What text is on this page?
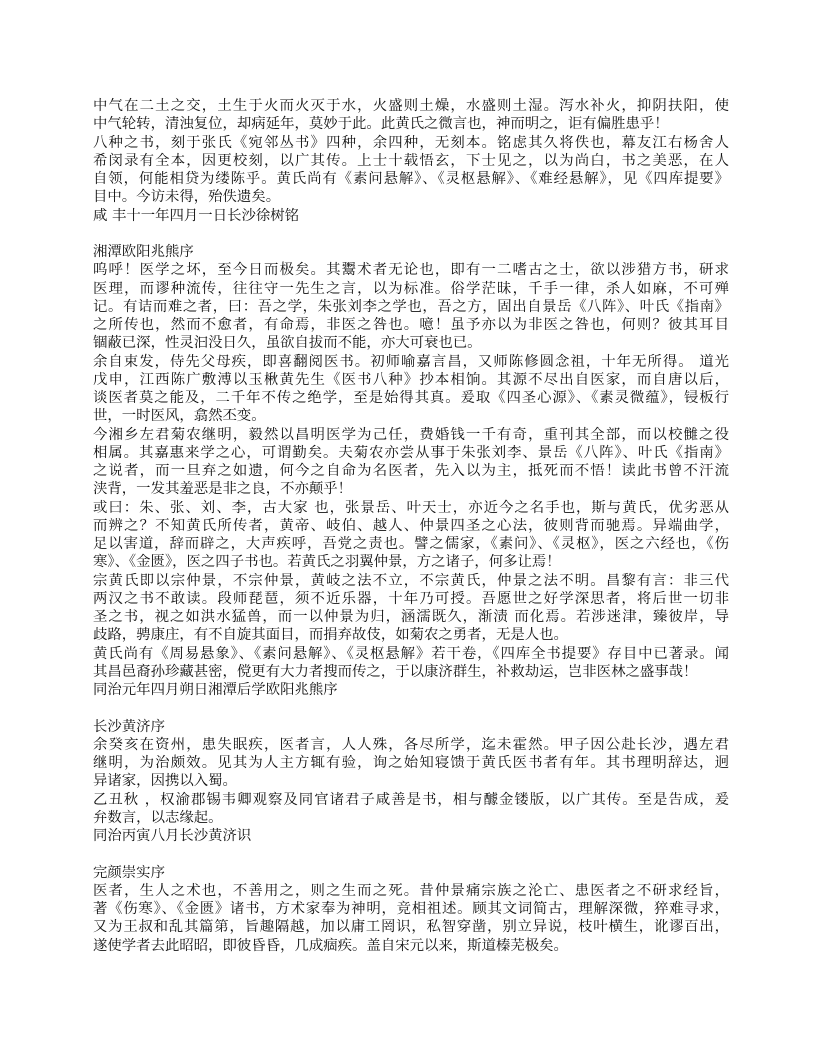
中气在二土之交，土生于火而火灭于水，火盛则土燥，水盛则土湿。泻水补火，抑阴扶阳，使
中气轮转，清浊复位，却病延年，莫妙于此。此黄氏之微言也，神而明之，讵有偏胜患乎！
八种之书，刻于张氏《宛邻丛书》四种，余四种，无刻本。铭虑其久将佚也，幕友江右杨舍人
希闵录有全本，因更校刻，以广其传。上士十载悟玄，下士见之，以为尚白，书之美恶，在人
自领，何能相贷为缕陈乎。黄氏尚有《素问悬解》、《灵枢悬解》、《难经悬解》，见《四库提要》
目中。今访未得，殆佚遗矣。
咸 丰十一年四月一日长沙徐树铭
湘潭欧阳兆熊序
呜呼！医学之坏，至今日而极矣。其鬻术者无论也，即有一二嗜古之士，欲以涉猎方书，研求
医理，而谬种流传，往往守一先生之言，以为标准。俗学茫昧，千手一律，杀人如麻，不可殚
记。有诘而难之者，曰：吾之学，朱张刘李之学也，吾之方，固出自景岳《八阵》、叶氏《指南》
之所传也，然而不愈者，有命焉，非医之咎也。噫！虽予亦以为非医之咎也，何则？彼其耳目
锢蔽已深，性灵汩没日久，虽欲自拔而不能，亦大可衰也已。
余自束发，侍先父母疾，即喜翻阅医书。初师喻嘉言昌，又师陈修圆念祖，十年无所得。 道光
戊申，江西陈广敷溥以玉楸黄先生《医书八种》抄本相饷。其源不尽出自医家，而自唐以后，
谈医者莫之能及，二千年不传之绝学，至是始得其真。爰取《四圣心源》、《素灵微蕴》，锓板行
世，一时医风，翕然丕变。
今湘乡左君菊农继明，毅然以昌明医学为己任，费婚钱一千有奇，重刊其全部，而以校雠之役
相属。其嘉惠来学之心，可谓勤矣。夫菊农亦尝从事于朱张刘李、景岳《八阵》、叶氏《指南》
之说者，而一旦弃之如遗，何今之自命为名医者，先入以为主，抵死而不悟！读此书曾不汗流
浃背，一发其羞恶是非之良，不亦颠乎！
或曰：朱、张、刘、李，古大家 也，张景岳、叶天士，亦近今之名手也，斯与黄氏，优劣恶从
而辨之？不知黄氏所传者，黄帝、岐伯、越人、仲景四圣之心法，彼则背而驰焉。异端曲学，
足以害道，辞而辟之，大声疾呼，吾党之责也。譬之儒家，《素问》、《灵枢》，医之六经也，《伤
寒》、《金匮》，医之四子书也。若黄氏之羽翼仲景，方之诸子，何多让焉！
宗黄氏即以宗仲景，不宗仲景，黄岐之法不立，不宗黄氏，仲景之法不明。昌黎有言：非三代
两汉之书不敢读。段师琵琶，须不近乐器，十年乃可授。吾愿世之好学深思者，将后世一切非
圣之书，视之如洪水猛兽，而一以仲景为归，涵濡既久，渐渍 而化焉。若涉迷津，臻彼岸，导
歧路，骋康庄，有不自旋其面目，而捐弃故伎，如菊农之勇者，无是人也。
黄氏尚有《周易悬象》、《素问悬解》、《灵枢悬解》若干卷，《四库全书提要》存目中已著录。闻
其昌邑裔孙珍藏甚密，傥更有大力者搜而传之，于以康济群生，补救劫运，岂非医林之盛事哉！
同治元年四月朔日湘潭后学欧阳兆熊序
长沙黄济序
余癸亥在资州，患失眠疾，医者言，人人殊，各尽所学，迄未霍然。甲子因公赴长沙，遇左君
继明，为治颇效。见其为人主方辄有验，询之始知寝馈于黄氏医书者有年。其书理明辞达，迥
异诸家，因携以入蜀。
乙丑秋 ，权渝郡锡韦卿观察及同官诸君子咸善是书，相与醵金镂版，以广其传。至是告成，爰
弁数言，以志缘起。
同治丙寅八月长沙黄济识
完颜崇实序
医者，生人之术也，不善用之，则之生而之死。昔仲景痛宗族之沦亡、患医者之不研求经旨，
著《伤寒》、《金匮》诸书，方术家奉为神明，竞相祖述。顾其文词简古，理解深微，猝难寻求，
又为王叔和乱其篇第，旨趣隔越，加以庸工罔识，私智穿凿，别立异说，枝叶横生，讹谬百出，
遂使学者去此昭昭，即彼昏昏，几成痼疾。盖自宋元以来，斯道榛芜极矣。
